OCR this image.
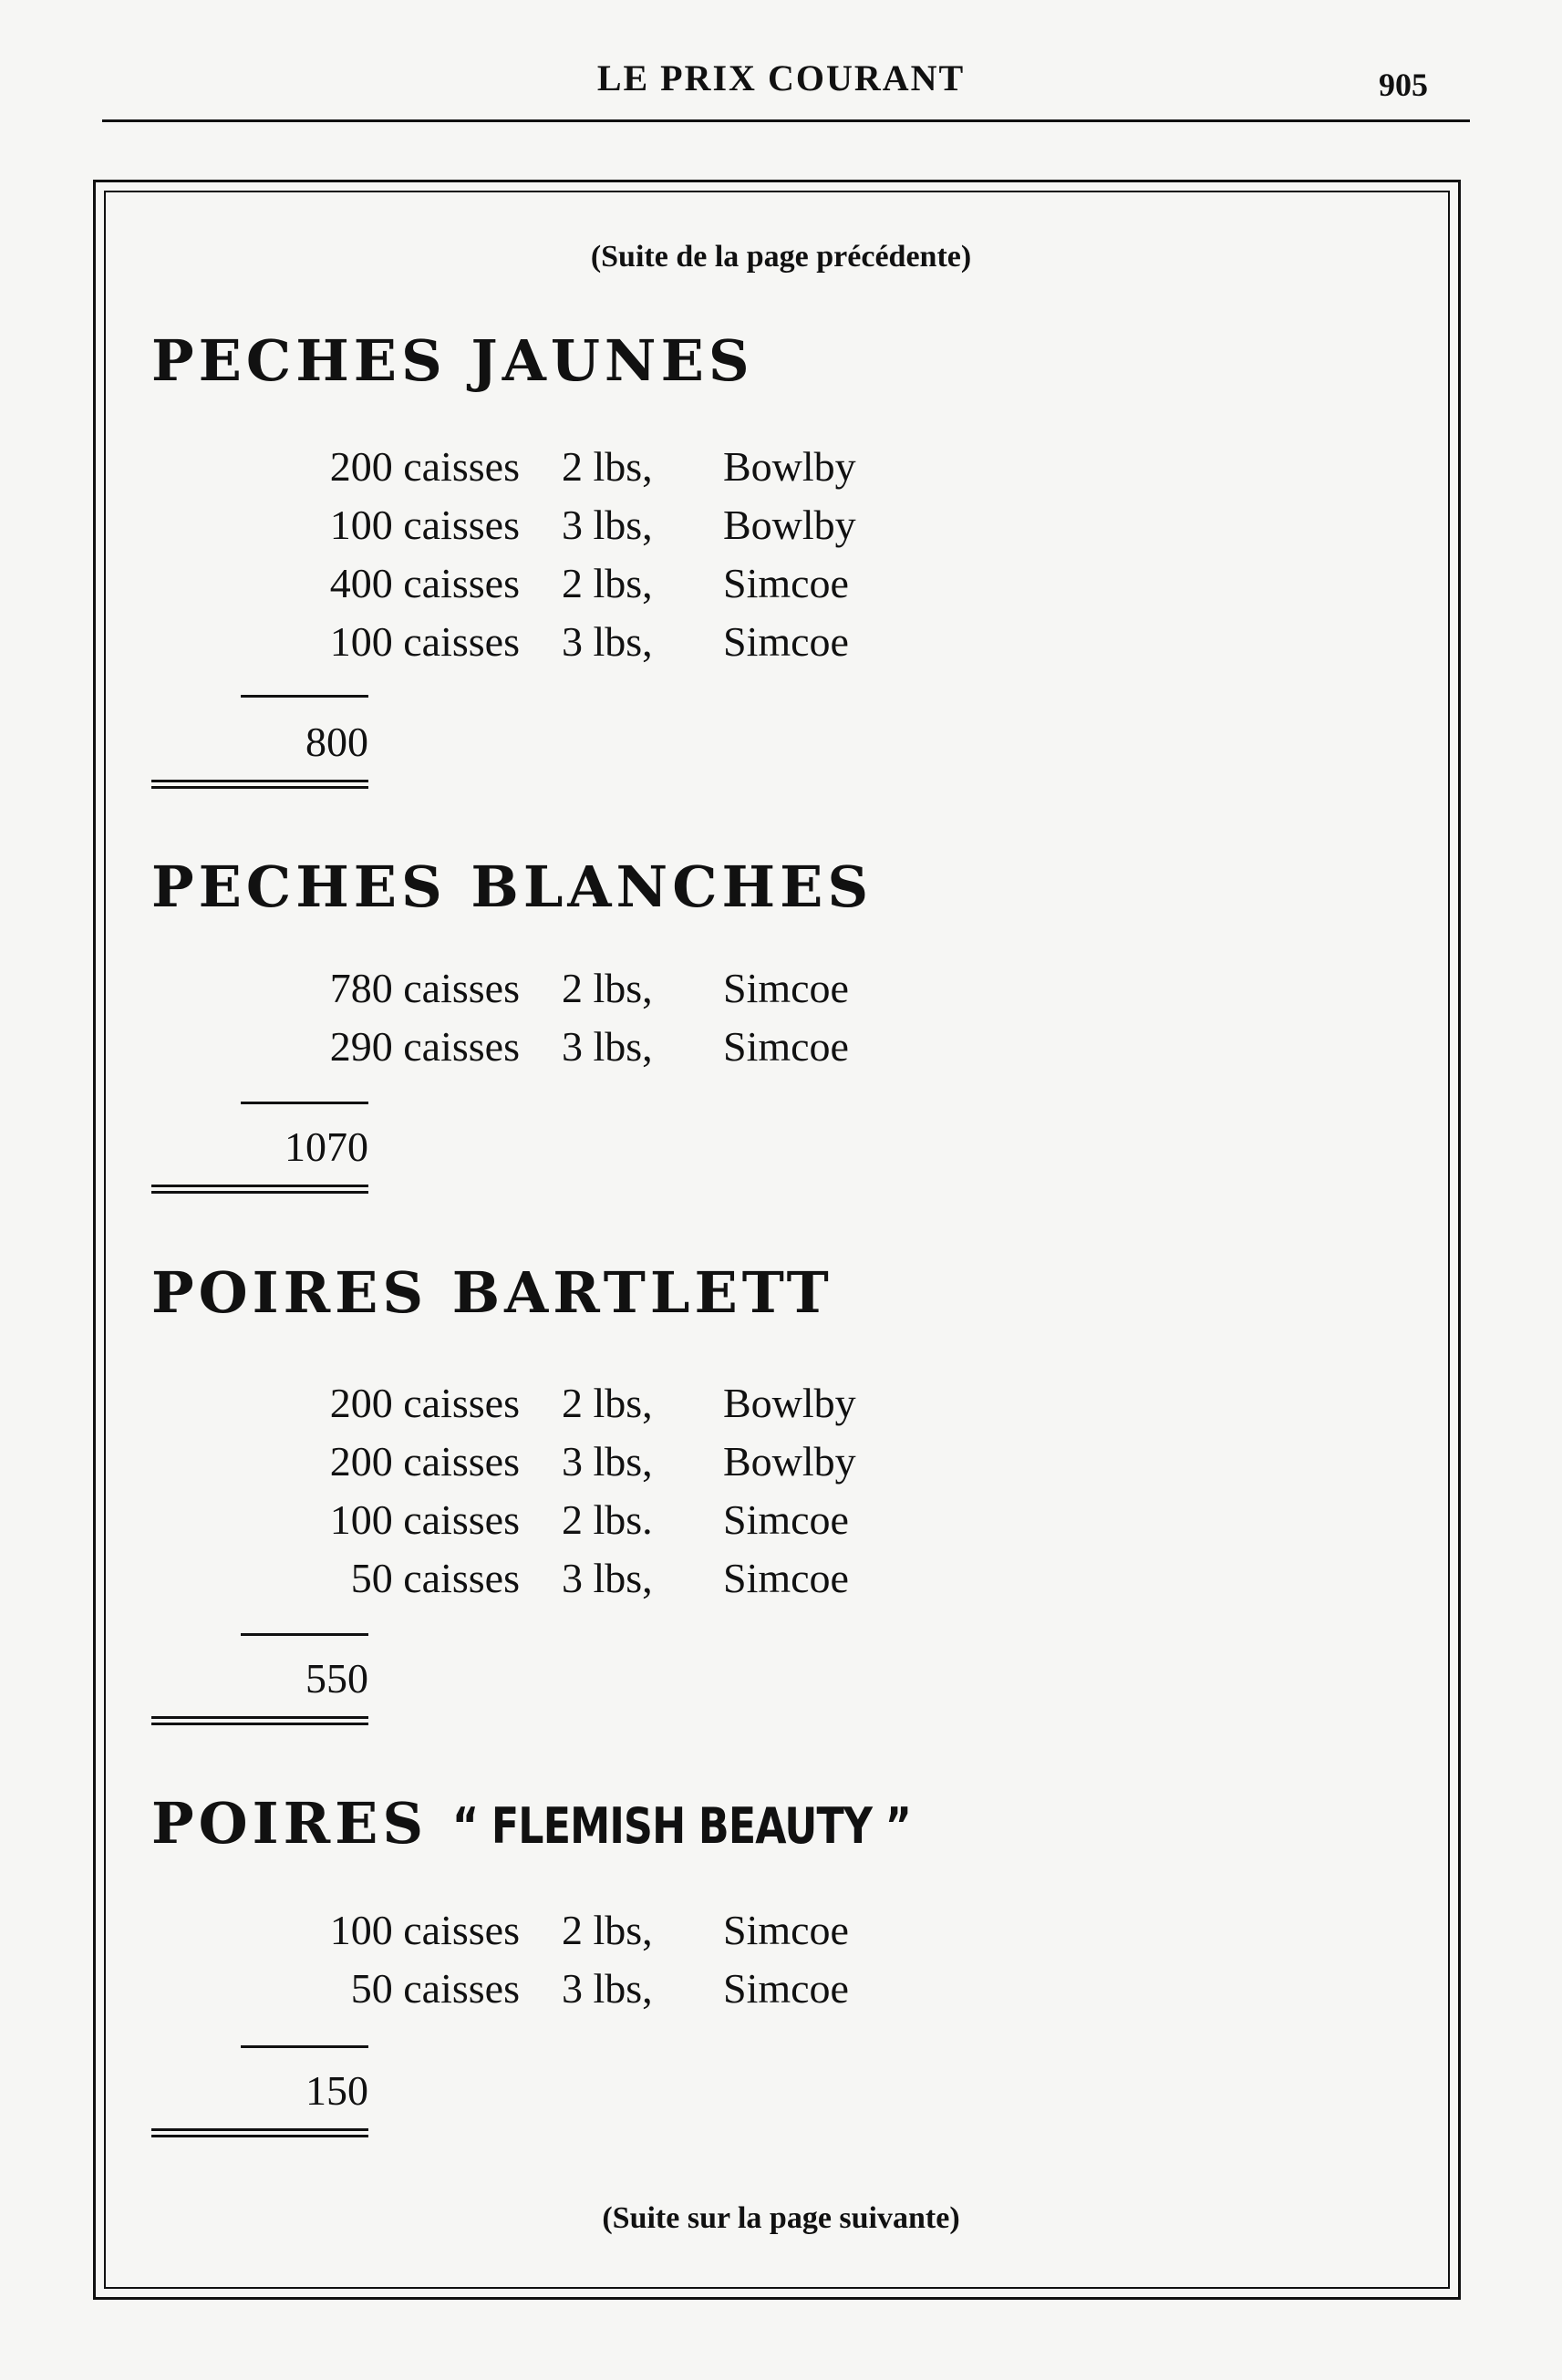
LE PRIX COURANT	905
(Suite de la page précédente)
PECHES JAUNES
200 caisses 2 lbs, Bowlby
100 caisses 3 lbs, Bowlby
400 caisses 2 lbs, Simcoe
100 caisses 3 lbs, Simcoe
800
PECHES BLANCHES
780 caisses 2 lbs, Simcoe
290 caisses 3 lbs, Simcoe
1070
POIRES BARTLETT
200 caisses 2 lbs, Bowlby
200 caisses 3 lbs, Bowlby
100 caisses 2 lbs. Simcoe
50 caisses 3 lbs, Simcoe
550
POIRES “ FLEMISH BEAUTY ”
100 caisses 2 lbs, Simcoe
50 caisses 3 lbs, Simcoe
150
(Suite sur la page suivante)
